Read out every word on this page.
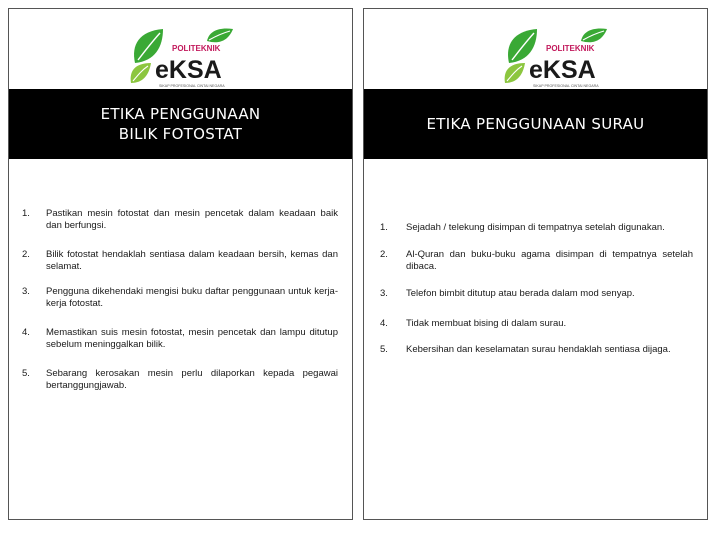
POLITEKNIK
eKSA
SIKAP PROFESIONAL CINTAI NEGARA
ETIKA PENGGUNAAN
BILIK FOTOSTAT
1. Pastikan mesin fotostat dan mesin pencetak dalam keadaan baik dan berfungsi.
2. Bilik fotostat hendaklah sentiasa dalam keadaan bersih, kemas dan selamat.
3. Pengguna dikehendaki mengisi buku daftar penggunaan untuk kerja-kerja fotostat.
4. Memastikan suis mesin fotostat, mesin pencetak dan lampu ditutup sebelum meninggalkan bilik.
5. Sebarang kerosakan mesin perlu dilaporkan kepada pegawai bertanggungjawab.
POLITEKNIK
eKSA
SIKAP PROFESIONAL CINTAI NEGARA
ETIKA PENGGUNAAN SURAU
1. Sejadah / telekung disimpan di tempatnya setelah digunakan.
2. Al-Quran dan buku-buku agama disimpan di tempatnya setelah dibaca.
3. Telefon bimbit ditutup atau berada dalam mod senyap.
4. Tidak membuat bising di dalam surau.
5. Kebersihan dan keselamatan surau hendaklah sentiasa dijaga.
